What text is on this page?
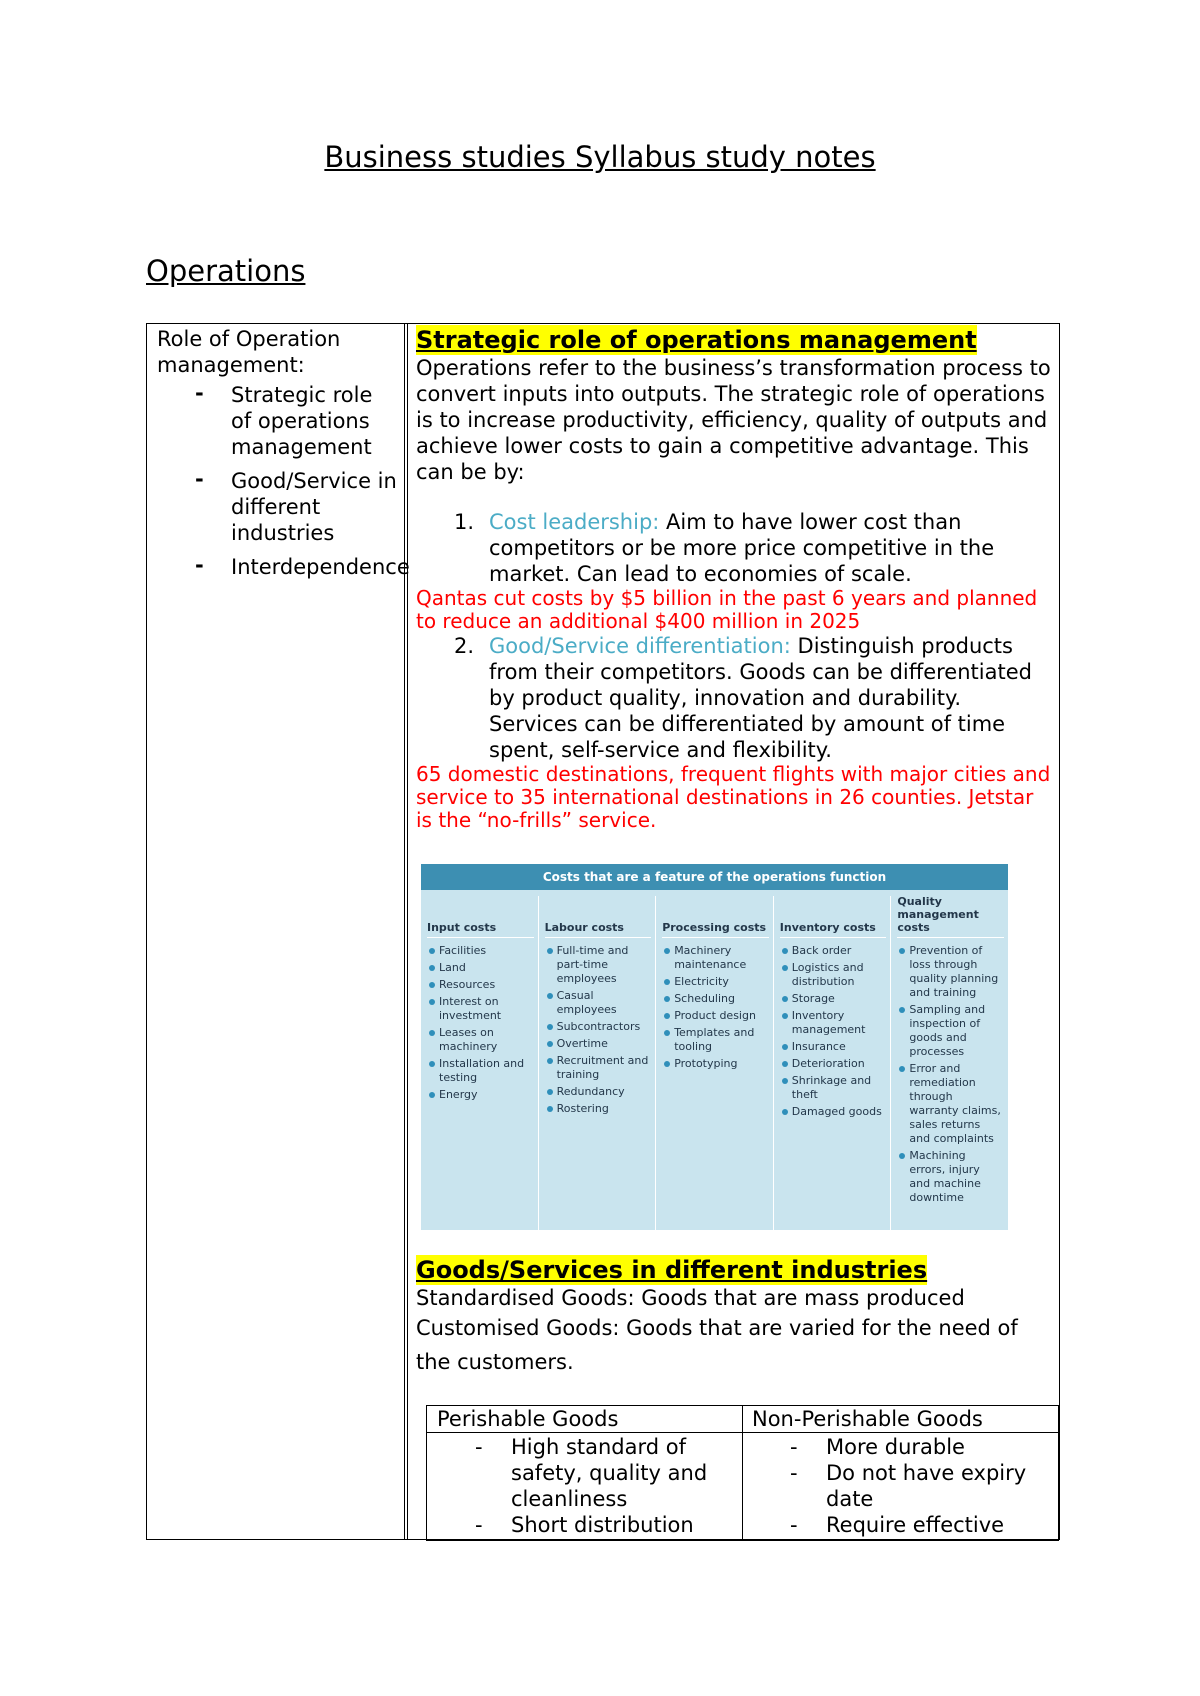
Business studies Syllabus study notes
Operations
Role of Operation management:
- Strategic role of operations management
- Good/Service in different industries
- Interdependence
Strategic role of operations management

Operations refer to the business’s transformation process to convert inputs into outputs. The strategic role of operations is to increase productivity, efficiency, quality of outputs and achieve lower costs to gain a competitive advantage. This can be by:

1. Cost leadership: Aim to have lower cost than competitors or be more price competitive in the market. Can lead to economies of scale.
Qantas cut costs by $5 billion in the past 6 years and planned to reduce an additional $400 million in 2025
2. Good/Service differentiation: Distinguish products from their competitors. Goods can be differentiated by product quality, innovation and durability. Services can be differentiated by amount of time spent, self-service and flexibility.
65 domestic destinations, frequent flights with major cities and service to 35 international destinations in 26 counties. Jetstar is the “no-frills” service.
Goods/Services in different industries
Standardised Goods: Goods that are mass produced
Customised Goods: Goods that are varied for the need of the customers.
Perishable Goods	Non-Perishable Goods
- High standard of safety, quality and cleanliness
- Short distribution
- More durable
- Do not have expiry date
- Require effective
Costs that are a feature of the operations function
Input costs
Facilities
Land
Resources
Interest on investment
Leases on machinery
Installation and testing
Energy
Labour costs
Full-time and part-time employees
Casual employees
Subcontractors
Overtime
Recruitment and training
Redundancy
Rostering
Processing costs
Machinery maintenance
Electricity
Scheduling
Product design
Templates and tooling
Prototyping
Inventory costs
Back order
Logistics and distribution
Storage
Inventory management
Insurance
Deterioration
Shrinkage and theft
Damaged goods
Quality management costs
Prevention of loss through quality planning and training
Sampling and inspection of goods and processes
Error and remediation through warranty claims, sales returns and complaints
Machining errors, injury and machine downtime
